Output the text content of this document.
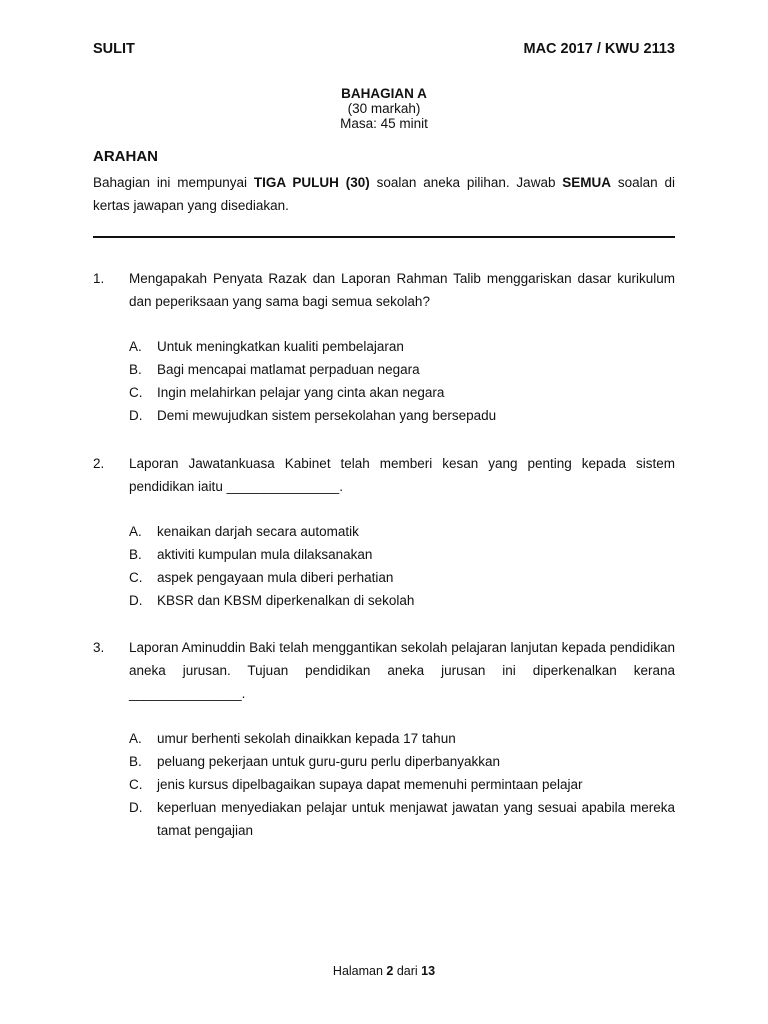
SULIT	MAC 2017 / KWU 2113
BAHAGIAN A
(30 markah)
Masa: 45 minit
ARAHAN
Bahagian ini mempunyai TIGA PULUH (30) soalan aneka pilihan. Jawab SEMUA soalan di kertas jawapan yang disediakan.
1. Mengapakah Penyata Razak dan Laporan Rahman Talib menggariskan dasar kurikulum dan peperiksaan yang sama bagi semua sekolah?
A. Untuk meningkatkan kualiti pembelajaran
B. Bagi mencapai matlamat perpaduan negara
C. Ingin melahirkan pelajar yang cinta akan negara
D. Demi mewujudkan sistem persekolahan yang bersepadu
2. Laporan Jawatankuasa Kabinet telah memberi kesan yang penting kepada sistem pendidikan iaitu _______________.
A. kenaikan darjah secara automatik
B. aktiviti kumpulan mula dilaksanakan
C. aspek pengayaan mula diberi perhatian
D. KBSR dan KBSM diperkenalkan di sekolah
3. Laporan Aminuddin Baki telah menggantikan sekolah pelajaran lanjutan kepada pendidikan aneka jurusan. Tujuan pendidikan aneka jurusan ini diperkenalkan kerana _______________.
A. umur berhenti sekolah dinaikkan kepada 17 tahun
B. peluang pekerjaan untuk guru-guru perlu diperbanyakkan
C. jenis kursus dipelbagaikan supaya dapat memenuhi permintaan pelajar
D. keperluan menyediakan pelajar untuk menjawat jawatan yang sesuai apabila mereka tamat pengajian
Halaman 2 dari 13
